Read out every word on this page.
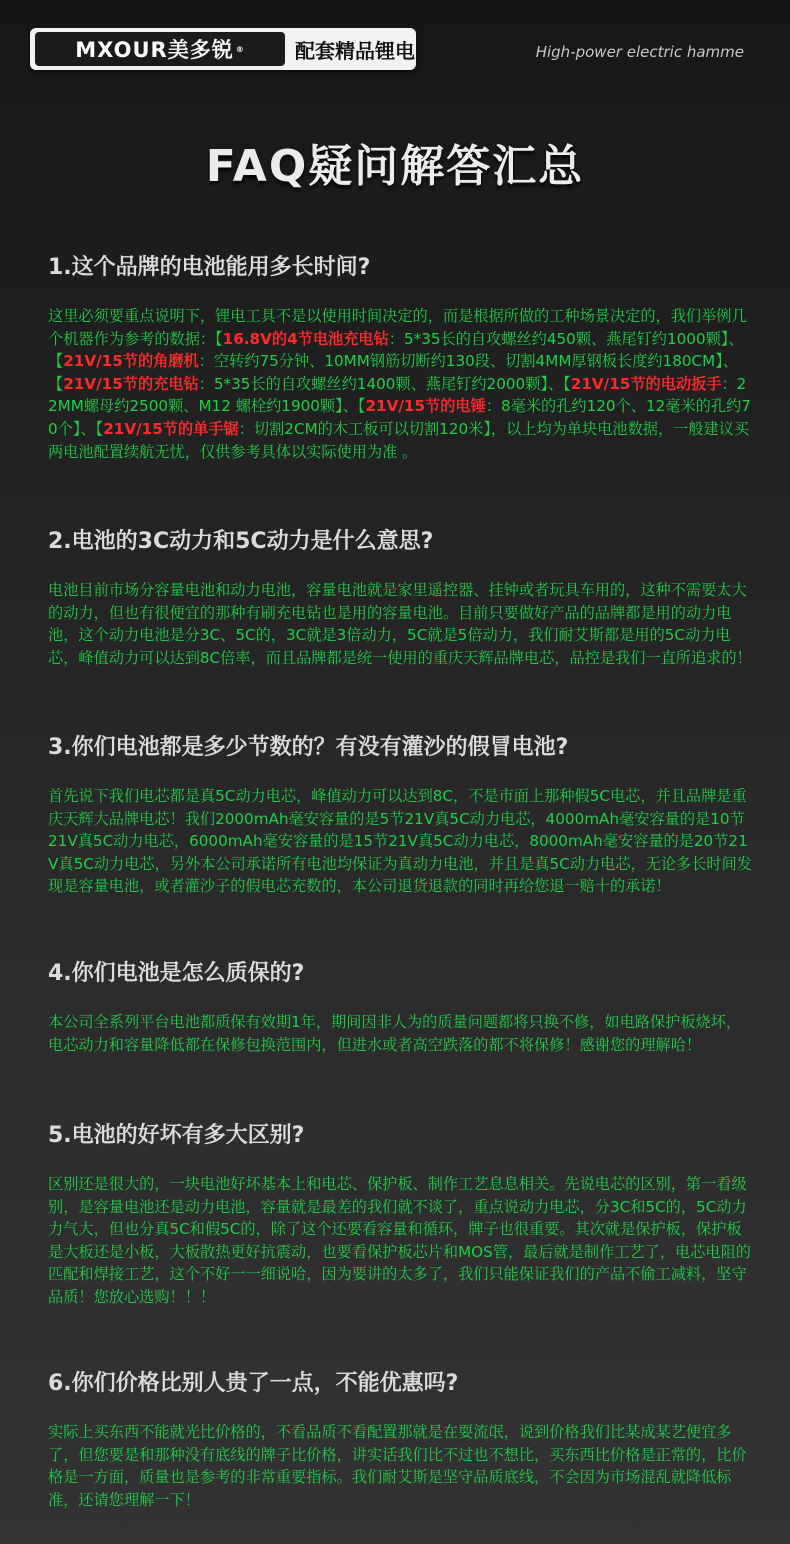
MXOUR美多锐 ®	配套精品锂电	High-power electric hamme
FAQ疑问解答汇总
1.这个品牌的电池能用多长时间?

这里必须要重点说明下，锂电工具不是以使用时间决定的，而是根据所做的工种场景决定的，我们举例几个机器作为参考的数据：【16.8V的4节电池充电钻：5*35长的自攻螺丝约450颗、燕尾钉约1000颗】、【21V/15节的角磨机：空转约75分钟、10MM钢筋切断约130段、切割4MM厚钢板长度约180CM】、【21V/15节的充电钻：5*35长的自攻螺丝约1400颗、燕尾钉约2000颗】、【21V/15节的电动扳手：22MM螺母约2500颗、M12 螺栓约1900颗】、【21V/15节的电锤：8毫米的孔约120个、12毫米的孔约70个】、【21V/15节的单手锯：切割2CM的木工板可以切割120米】，以上均为单块电池数据，一般建议买两电池配置续航无忧，仅供参考具体以实际使用为准 。

2.电池的3C动力和5C动力是什么意思?

电池目前市场分容量电池和动力电池，容量电池就是家里遥控器、挂钟或者玩具车用的，这种不需要太大的动力，但也有很便宜的那种有刷充电钻也是用的容量电池。目前只要做好产品的品牌都是用的动力电池，这个动力电池是分3C、5C的，3C就是3倍动力，5C就是5倍动力，我们耐艾斯都是用的5C动力电芯，峰值动力可以达到8C倍率，而且品牌都是统一使用的重庆天辉品牌电芯，品控是我们一直所追求的！

3.你们电池都是多少节数的？有没有灌沙的假冒电池?

首先说下我们电芯都是真5C动力电芯，峰值动力可以达到8C，不是市面上那种假5C电芯，并且品牌是重庆天辉大品牌电芯！我们2000mAh毫安容量的是5节21V真5C动力电芯，4000mAh毫安容量的是10节21V真5C动力电芯，6000mAh毫安容量的是15节21V真5C动力电芯，8000mAh毫安容量的是20节21V真5C动力电芯，另外本公司承诺所有电池均保证为真动力电池，并且是真5C动力电芯，无论多长时间发现是容量电池，或者灌沙子的假电芯充数的，本公司退货退款的同时再给您退一赔十的承诺！

4.你们电池是怎么质保的?

本公司全系列平台电池都质保有效期1年，期间因非人为的质量问题都将只换不修，如电路保护板烧坏，电芯动力和容量降低都在保修包换范围内，但进水或者高空跌落的都不将保修！感谢您的理解哈！

5.电池的好坏有多大区别?

区别还是很大的，一块电池好坏基本上和电芯、保护板、制作工艺息息相关。先说电芯的区别，第一看级别，是容量电池还是动力电池，容量就是最差的我们就不谈了，重点说动力电芯，分3C和5C的，5C动力力气大，但也分真5C和假5C的，除了这个还要看容量和循环，牌子也很重要。其次就是保护板，保护板是大板还是小板，大板散热更好抗震动，也要看保护板芯片和MOS管，最后就是制作工艺了，电芯电阻的匹配和焊接工艺，这个不好一一细说哈，因为要讲的太多了，我们只能保证我们的产品不偷工减料，坚守品质！您放心选购！！！

6.你们价格比别人贵了一点，不能优惠吗?

实际上买东西不能就光比价格的，不看品质不看配置那就是在耍流氓，说到价格我们比某成某艺便宜多了，但您要是和那种没有底线的牌子比价格，讲实话我们比不过也不想比，买东西比价格是正常的，比价格是一方面，质量也是参考的非常重要指标。我们耐艾斯是坚守品质底线，不会因为市场混乱就降低标准，还请您理解一下！
